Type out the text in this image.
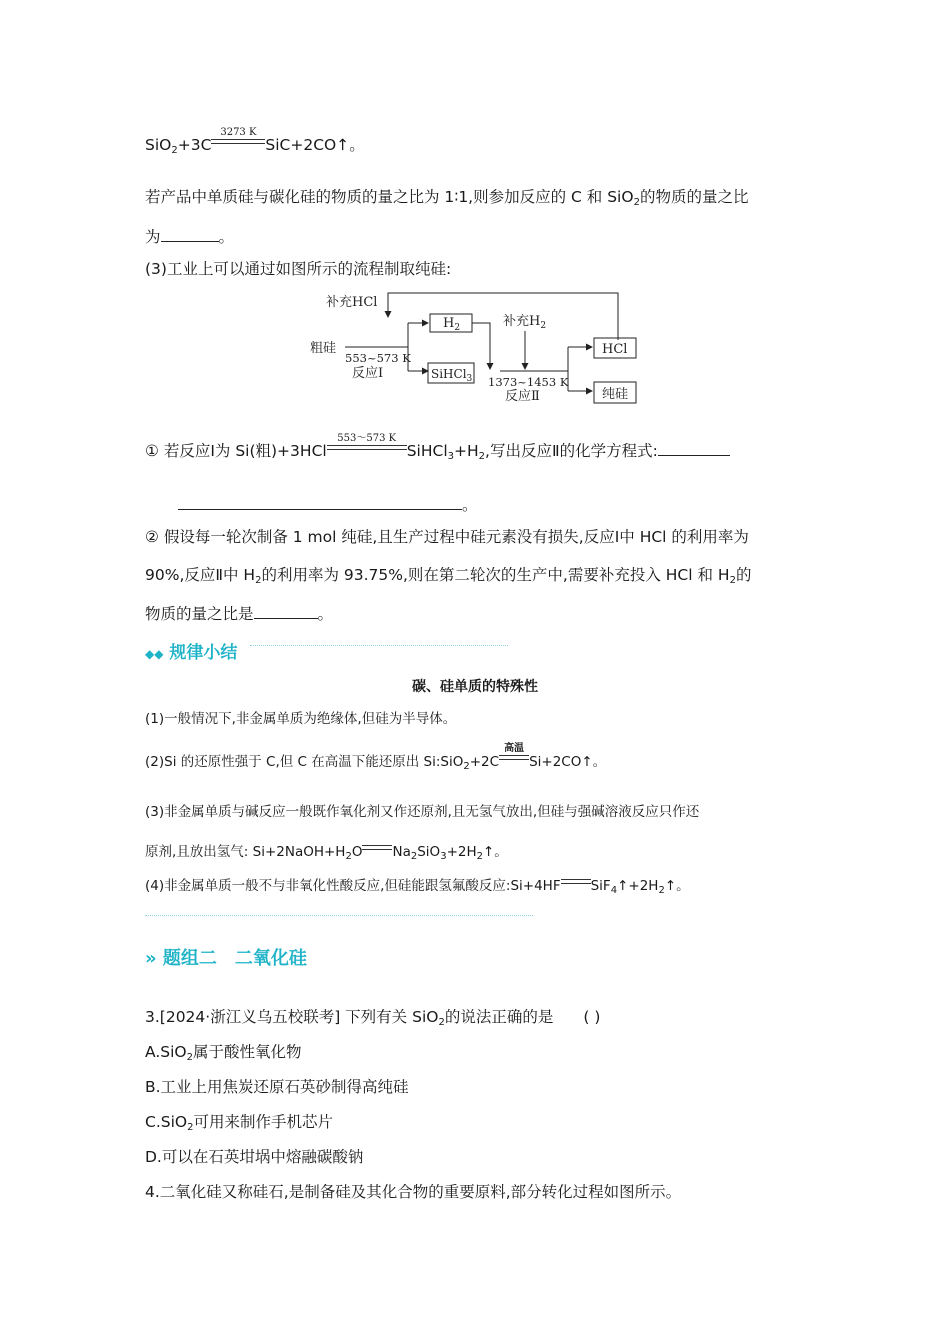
SiO$_2$+3C
3273 K
SiC+2CO↑。
若产品中单质硅与碳化硅的物质的量之比为 1∶1,则参加反应的 C 和 SiO$_2$的物质的量之比
为	。
(3)工业上可以通过如图所示的流程制取纯硅:
补充HCl
粗硅
553~573 K
反应Ⅰ
$H_2$
SiHCl$_3$
补充$H_2$
1373~1453 K
反应Ⅱ
HCl
纯硅
① 若反应Ⅰ为 Si(粗)+3HCl
553～573 K
$SiHCl_3+H_2$,写出反应Ⅱ的化学方程式:
。
② 假设每一轮次制备 1 mol 纯硅,且生产过程中硅元素没有损失,反应Ⅰ中 HCl 的利用率为
90%,反应Ⅱ中 $H_2$的利用率为 93.75%,则在第二轮次的生产中,需要补充投入 HCl 和 $H_2$的
物质的量之比是	。
◆◆ 规律小结
碳、硅单质的特殊性
(1)一般情况下,非金属单质为绝缘体,但硅为半导体。
(2)Si 的还原性强于 C,但 C 在高温下能还原出 Si:SiO$_2$+2C
高温
Si+2CO↑。
(3)非金属单质与碱反应一般既作氧化剂又作还原剂,且无氢气放出,但硅与强碱溶液反应只作还
原剂,且放出氢气: $Si+2NaOH+H_2O$ $Na_2SiO_3+2H_2↑$。
(4)非金属单质一般不与非氧化性酸反应,但硅能跟氢氟酸反应:Si+4HF $SiF_4↑+2H_2↑$。
» 题组二　二氧化硅
3.[2024·浙江义乌五校联考] 下列有关 SiO$_2$的说法正确的是 ( )
A.SiO$_2$属于酸性氧化物
B.工业上用焦炭还原石英砂制得高纯硅
C.SiO$_2$可用来制作手机芯片
D.可以在石英坩埚中熔融碳酸钠
4.二氧化硅又称硅石,是制备硅及其化合物的重要原料,部分转化过程如图所示。
